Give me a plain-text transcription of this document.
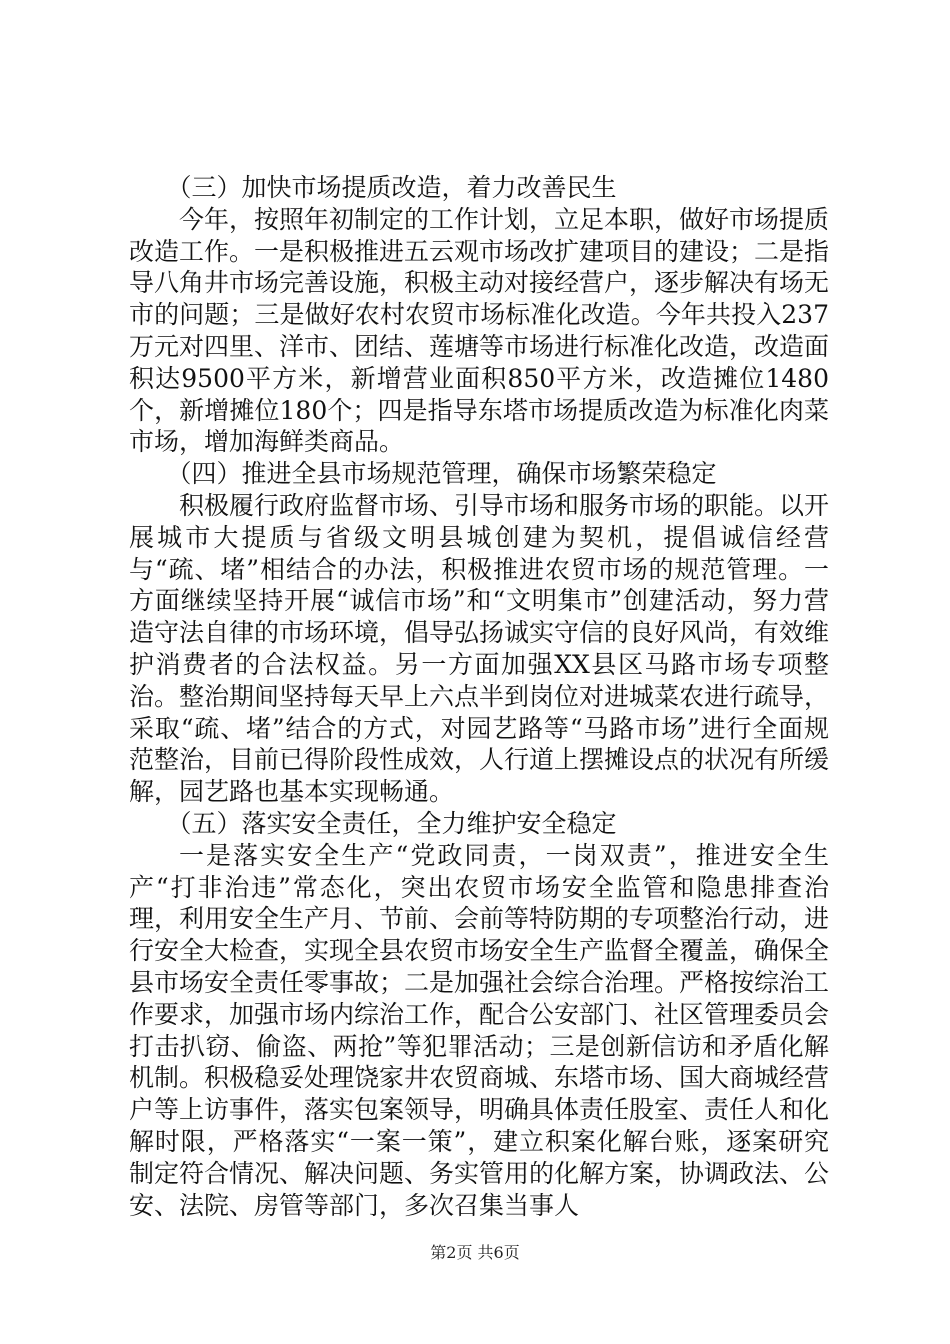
（三）加快市场提质改造，着力改善民生

今年，按照年初制定的工作计划，立足本职，做好市场提质改造工作。一是积极推进五云观市场改扩建项目的建设；二是指导八角井市场完善设施，积极主动对接经营户，逐步解决有场无市的问题；三是做好农村农贸市场标准化改造。今年共投入237万元对四里、洋市、团结、莲塘等市场进行标准化改造，改造面积达9500平方米，新增营业面积850平方米，改造摊位1480个，新增摊位180个；四是指导东塔市场提质改造为标准化肉菜市场，增加海鲜类商品。

（四）推进全县市场规范管理，确保市场繁荣稳定

积极履行政府监督市场、引导市场和服务市场的职能。以开展城市大提质与省级文明县城创建为契机，提倡诚信经营与“疏、堵”相结合的办法，积极推进农贸市场的规范管理。一方面继续坚持开展“诚信市场”和“文明集市”创建活动，努力营造守法自律的市场环境，倡导弘扬诚实守信的良好风尚，有效维护消费者的合法权益。另一方面加强XX县区马路市场专项整治。整治期间坚持每天早上六点半到岗位对进城菜农进行疏导，采取“疏、堵”结合的方式，对园艺路等“马路市场”进行全面规范整治，目前已得阶段性成效，人行道上摆摊设点的状况有所缓解，园艺路也基本实现畅通。

（五）落实安全责任，全力维护安全稳定

一是落实安全生产“党政同责，一岗双责”，推进安全生产“打非治违”常态化，突出农贸市场安全监管和隐患排查治理，利用安全生产月、节前、会前等特防期的专项整治行动，进行安全大检查，实现全县农贸市场安全生产监督全覆盖，确保全县市场安全责任零事故；二是加强社会综合治理。严格按综治工作要求，加强市场内综治工作，配合公安部门、社区管理委员会打击扒窃、偷盗、两抢”等犯罪活动；三是创新信访和矛盾化解机制。积极稳妥处理饶家井农贸商城、东塔市场、国大商城经营户等上访事件，落实包案领导，明确具体责任股室、责任人和化解时限，严格落实“一案一策”，建立积案化解台账，逐案研究制定符合情况、解决问题、务实管用的化解方案，协调政法、公安、法院、房管等部门，多次召集当事人

第2页 共6页
